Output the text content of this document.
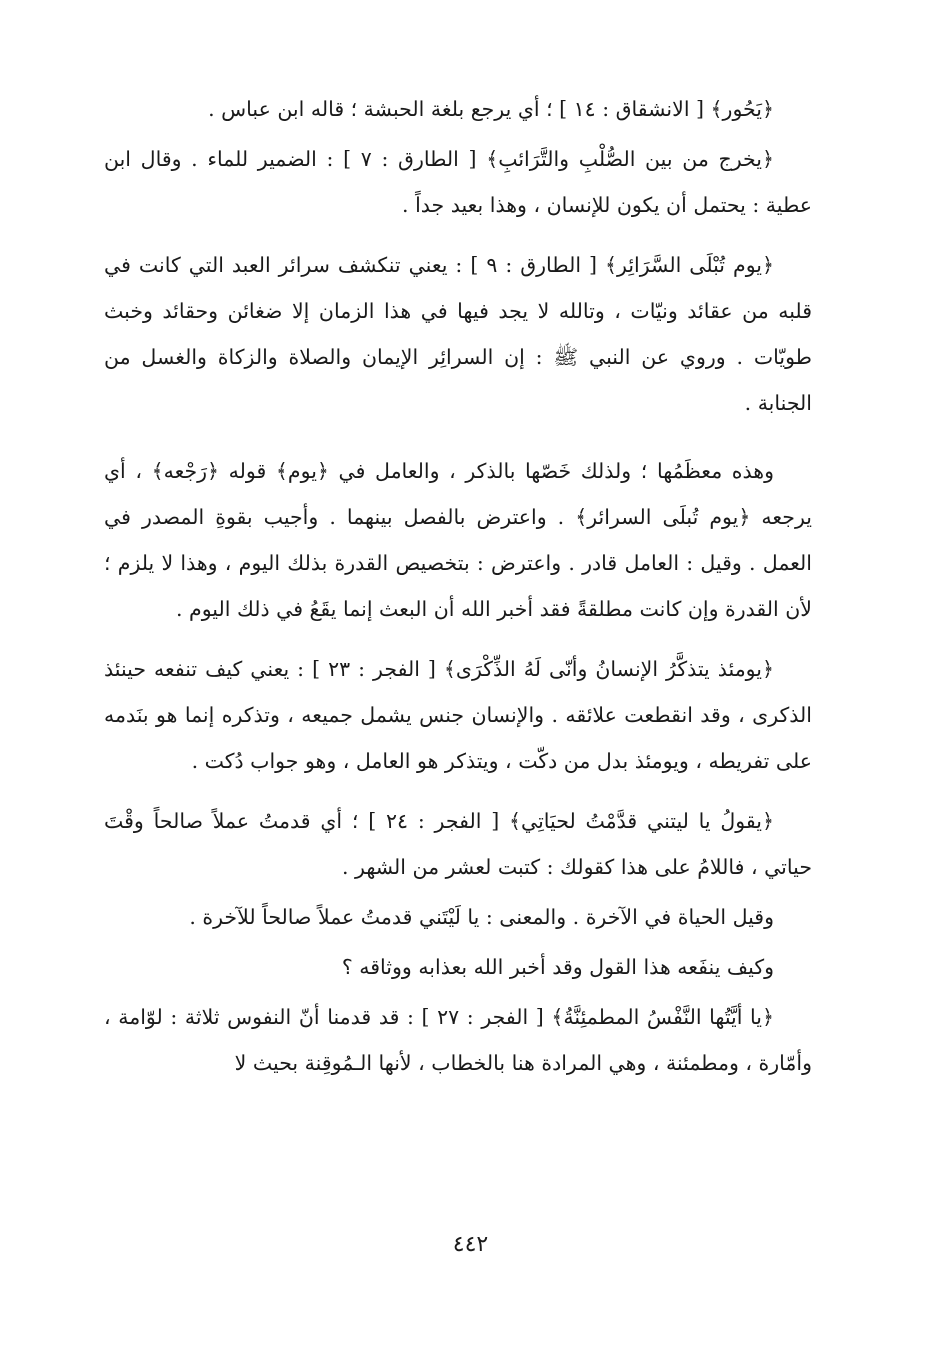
﴿يَحُور﴾ [ الانشقاق : ١٤ ] ؛ أي يرجع بلغة الحبشة ؛ قاله ابن عباس .

﴿يخرج من بين الصُّلْبِ والتَّرَائبِ﴾ [ الطارق : ٧ ] : الضمير للماء . وقال ابن عطية : يحتمل أن يكون للإنسان ، وهذا بعيد جداً .

﴿يوم تُبْلَى السَّرَائِر﴾ [ الطارق : ٩ ] : يعني تنكشف سرائر العبد التي كانت في قلبه من عقائد ونيّات ، وتالله لا يجد فيها في هذا الزمان إلا ضغائن وحقائد وخبث طويّات . وروي عن النبي ﷺ : إن السرائِر الإيمان والصلاة والزكاة والغسل من الجنابة .

وهذه معظَمُها ؛ ولذلك خَصّها بالذكر ، والعامل في ﴿يوم﴾ قوله ﴿رَجْعه﴾ ، أي يرجعه ﴿يوم تُبلَى السرائر﴾ . واعترض بالفصل بينهما . وأجيب بقوةِ المصدر في العمل . وقيل : العامل قادر . واعترض : بتخصيص القدرة بذلك اليوم ، وهذا لا يلزم ؛ لأن القدرة وإن كانت مطلقةً فقد أخبر الله أن البعث إنما يقَعُ في ذلك اليوم .

﴿يومئذ يتذكَّرُ الإنسانُ وأنّى لَهُ الذِّكْرَى﴾ [ الفجر : ٢٣ ] : يعني كيف تنفعه حينئذ الذكرى ، وقد انقطعت علائقه . والإنسان جنس يشمل جميعه ، وتذكره إنما هو بنَدمه على تفريطه ، ويومئذ بدل من دكّت ، ويتذكر هو العامل ، وهو جواب دُكت .

﴿يقولُ يا ليتني قدَّمْتُ لحيَاتِي﴾ [ الفجر : ٢٤ ] ؛ أي قدمتُ عملاً صالحاً وقْتَ حياتي ، فاللامُ على هذا كقولك : كتبت لعشر من الشهر .

وقيل الحياة في الآخرة . والمعنى : يا لَيْتَني قدمتُ عملاً صالحاً للآخرة .

وكيف ينفَعه هذا القول وقد أخبر الله بعذابه ووثاقه ؟

﴿يا أيَّتُها النَّفْسُ المطمئِنَّةُ﴾ [ الفجر : ٢٧ ] : قد قدمنا أنّ النفوس ثلاثة : لوّامة ، وأمّارة ، ومطمئنة ، وهي المرادة هنا بالخطاب ، لأنها الـمُوقِنة بحيث لا

٤٤٢
